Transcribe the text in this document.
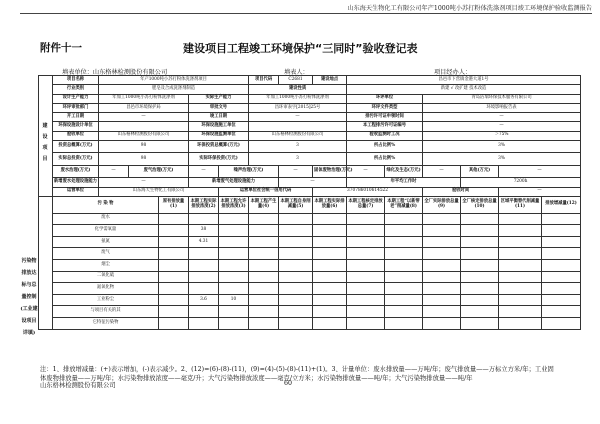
山东海天生物化工有限公司年产1000吨小苏打粉体洗涤剂项目竣工环境保护验收监测报告
附件十一	建设项目工程竣工环境保护“三同时”验收登记表
填表单位：山东格林检测股份有限公司	填表人：	项目经办人：
建
设
项
目
污染物
排放达
标与总
量控制
(工业建
设项目
详填)
	项目名称	年产1000吨小苏打粉体洗涤剂项目					项目代码	C2681	建设地点	昌邑市下营镇金港大道1号					
	行业类别	肥皂及合成洗涤剂制造					建设性质			新建 √ 改扩建 技术改造					
	设计生产能力	年加工1000吨小苏打粉体洗涤剂			实际生产能力		年加工1000吨小苏打粉体洗涤剂			环评单位		青岛洁瑞环保技术服务有限公司			
	环评审批部门	昌邑市环境保护局			审批文号		昌环审表字[2015]25号			环评文件类型		环境影响报告表			
	开工日期	—			竣工日期		—			排污许可证申领时间		—			
	环保设施设计单位				环保设施施工单位					本工程排污许可证编号		—			
	验收单位	山东格林检测股份有限公司			环保设施监测单位		山东格林检测股份有限公司			验收监测时工况		＞75%			
	投资总概算(万元)	98			环保投资总概算(万元)		3			所占比例%		3%			
	实际总投资(万元)	98			实际环保投资(万元)		3			所占比例%		3%			
	废水治理(万元)	—	废气治理(万元)		—	噪声治理(万元)		—	固体废物治理(万元)	—	绿化及生态(万元)	—	其他(万元)	—	
	新增废水处理设施能力	—			新增废气处理设施能力			—		年平均工作时			7200h		
	运营单位	山东海天生物化工有限公司				运营单位社会统一信用代码			370786010614522			验收时间		—	
	污 染 物			原有排放量(1)	本期工程实际排放浓度(2)	本期工程允许排放浓度(3)	本期工程产生量(4)	本期工程自身削减量(5)	本期工程实际排放量(6)	本期工程核定排放总量(7)	本期工程“以新带老”削减量(8)	全厂实际排放总量(9)	全厂核定排放总量(10)	区域平衡替代削减量(11)	排放增减量(12)
	废水														
	化学需氧量				38										
	氨氮				4.31										
	废气														
	烟尘														
	二氧化硫														
	氮氧化物														
	工业粉尘				3.6	10									
	与项目有关的其														
	它特征污染物														
注：1、排放增减量：(+)表示增加，(-)表示减少。2、(12)=(6)-(8)-(11)，(9)=(4)-(5)-(8)-(11)+(1)。3、计量单位：废水排放量——万吨/年；废气排放量——万标立方米/年；工业固体废物排放量——万吨/年；水污染物排放浓度——毫克/升；大气污染物排放浓度——毫克/立方米；水污染物排放量——吨/年；大气污染物排放量——吨/年
山东格林检测股份有限公司	60
